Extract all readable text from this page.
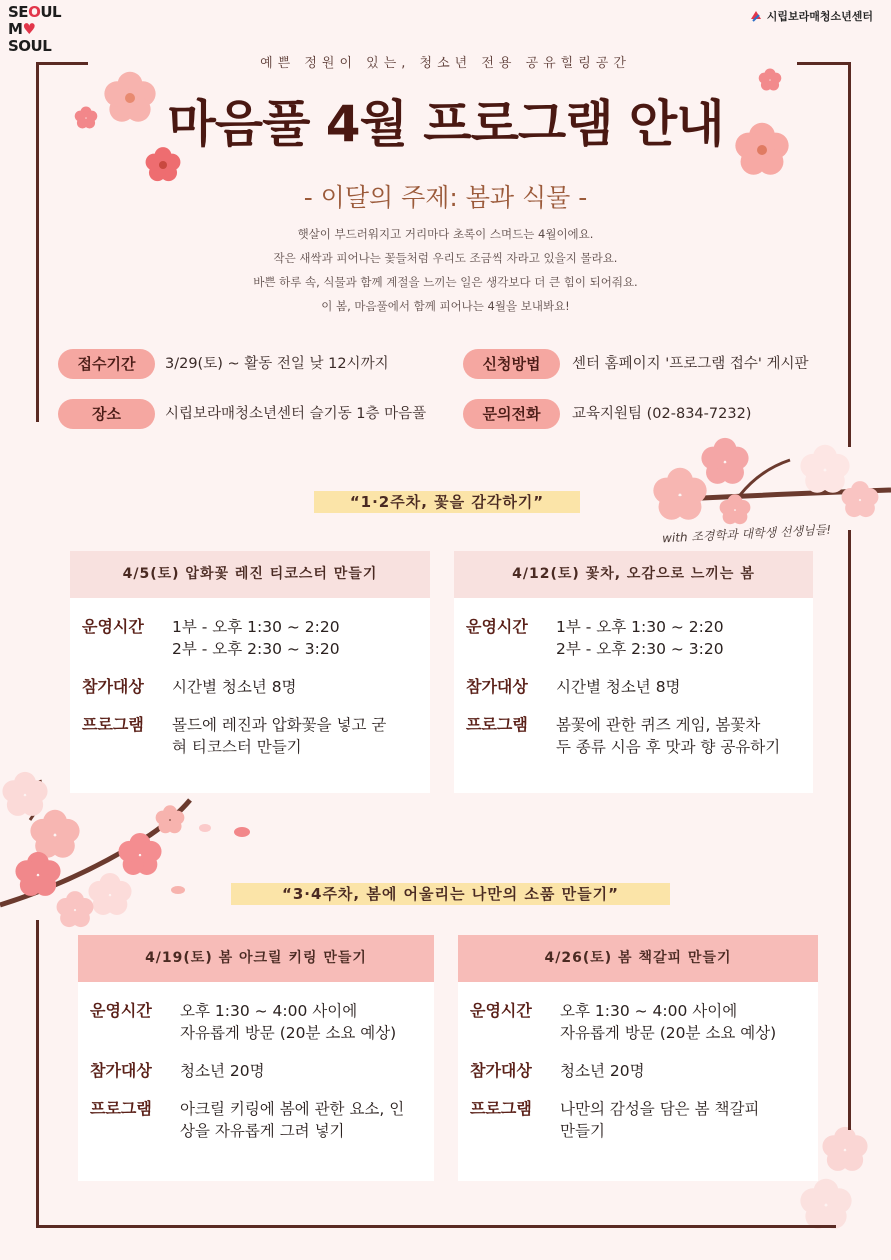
SEOUL
M♥ SOUL
시립보라매청소년센터
예쁜 정원이 있는, 청소년 전용 공유힐링공간
마음풀 4월 프로그램 안내
- 이달의 주제: 봄과 식물 -
햇살이 부드러워지고 거리마다 초록이 스며드는 4월이에요.
작은 새싹과 피어나는 꽃들처럼 우리도 조금씩 자라고 있을지 몰라요.
바쁜 하루 속, 식물과 함께 계절을 느끼는 일은 생각보다 더 큰 힘이 되어줘요.
이 봄, 마음풀에서 함께 피어나는 4월을 보내봐요!
접수기간	3/29(토) ~ 활동 전일 낮 12시까지	신청방법	센터 홈페이지 '프로그램 접수' 게시판
장소	시립보라매청소년센터 슬기동 1층 마음풀	문의전화	교육지원팀 (02-834-7232)
“1·2주차, 꽃을 감각하기”
with 조경학과 대학생 선생님들!
4/5(토) 압화꽃 레진 티코스터 만들기
운영시간	1부 - 오후 1:30 ~ 2:20
2부 - 오후 2:30 ~ 3:20
참가대상	시간별 청소년 8명
프로그램	몰드에 레진과 압화꽃을 넣고 굳
혀 티코스터 만들기
4/12(토) 꽃차, 오감으로 느끼는 봄
운영시간	1부 - 오후 1:30 ~ 2:20
2부 - 오후 2:30 ~ 3:20
참가대상	시간별 청소년 8명
프로그램	봄꽃에 관한 퀴즈 게임, 봄꽃차
두 종류 시음 후 맛과 향 공유하기
“3·4주차, 봄에 어울리는 나만의 소품 만들기”
4/19(토) 봄 아크릴 키링 만들기
운영시간	오후 1:30 ~ 4:00 사이에
자유롭게 방문 (20분 소요 예상)
참가대상	청소년 20명
프로그램	아크릴 키링에 봄에 관한 요소, 인
상을 자유롭게 그려 넣기
4/26(토) 봄 책갈피 만들기
운영시간	오후 1:30 ~ 4:00 사이에
자유롭게 방문 (20분 소요 예상)
참가대상	청소년 20명
프로그램	나만의 감성을 담은 봄 책갈피
만들기
